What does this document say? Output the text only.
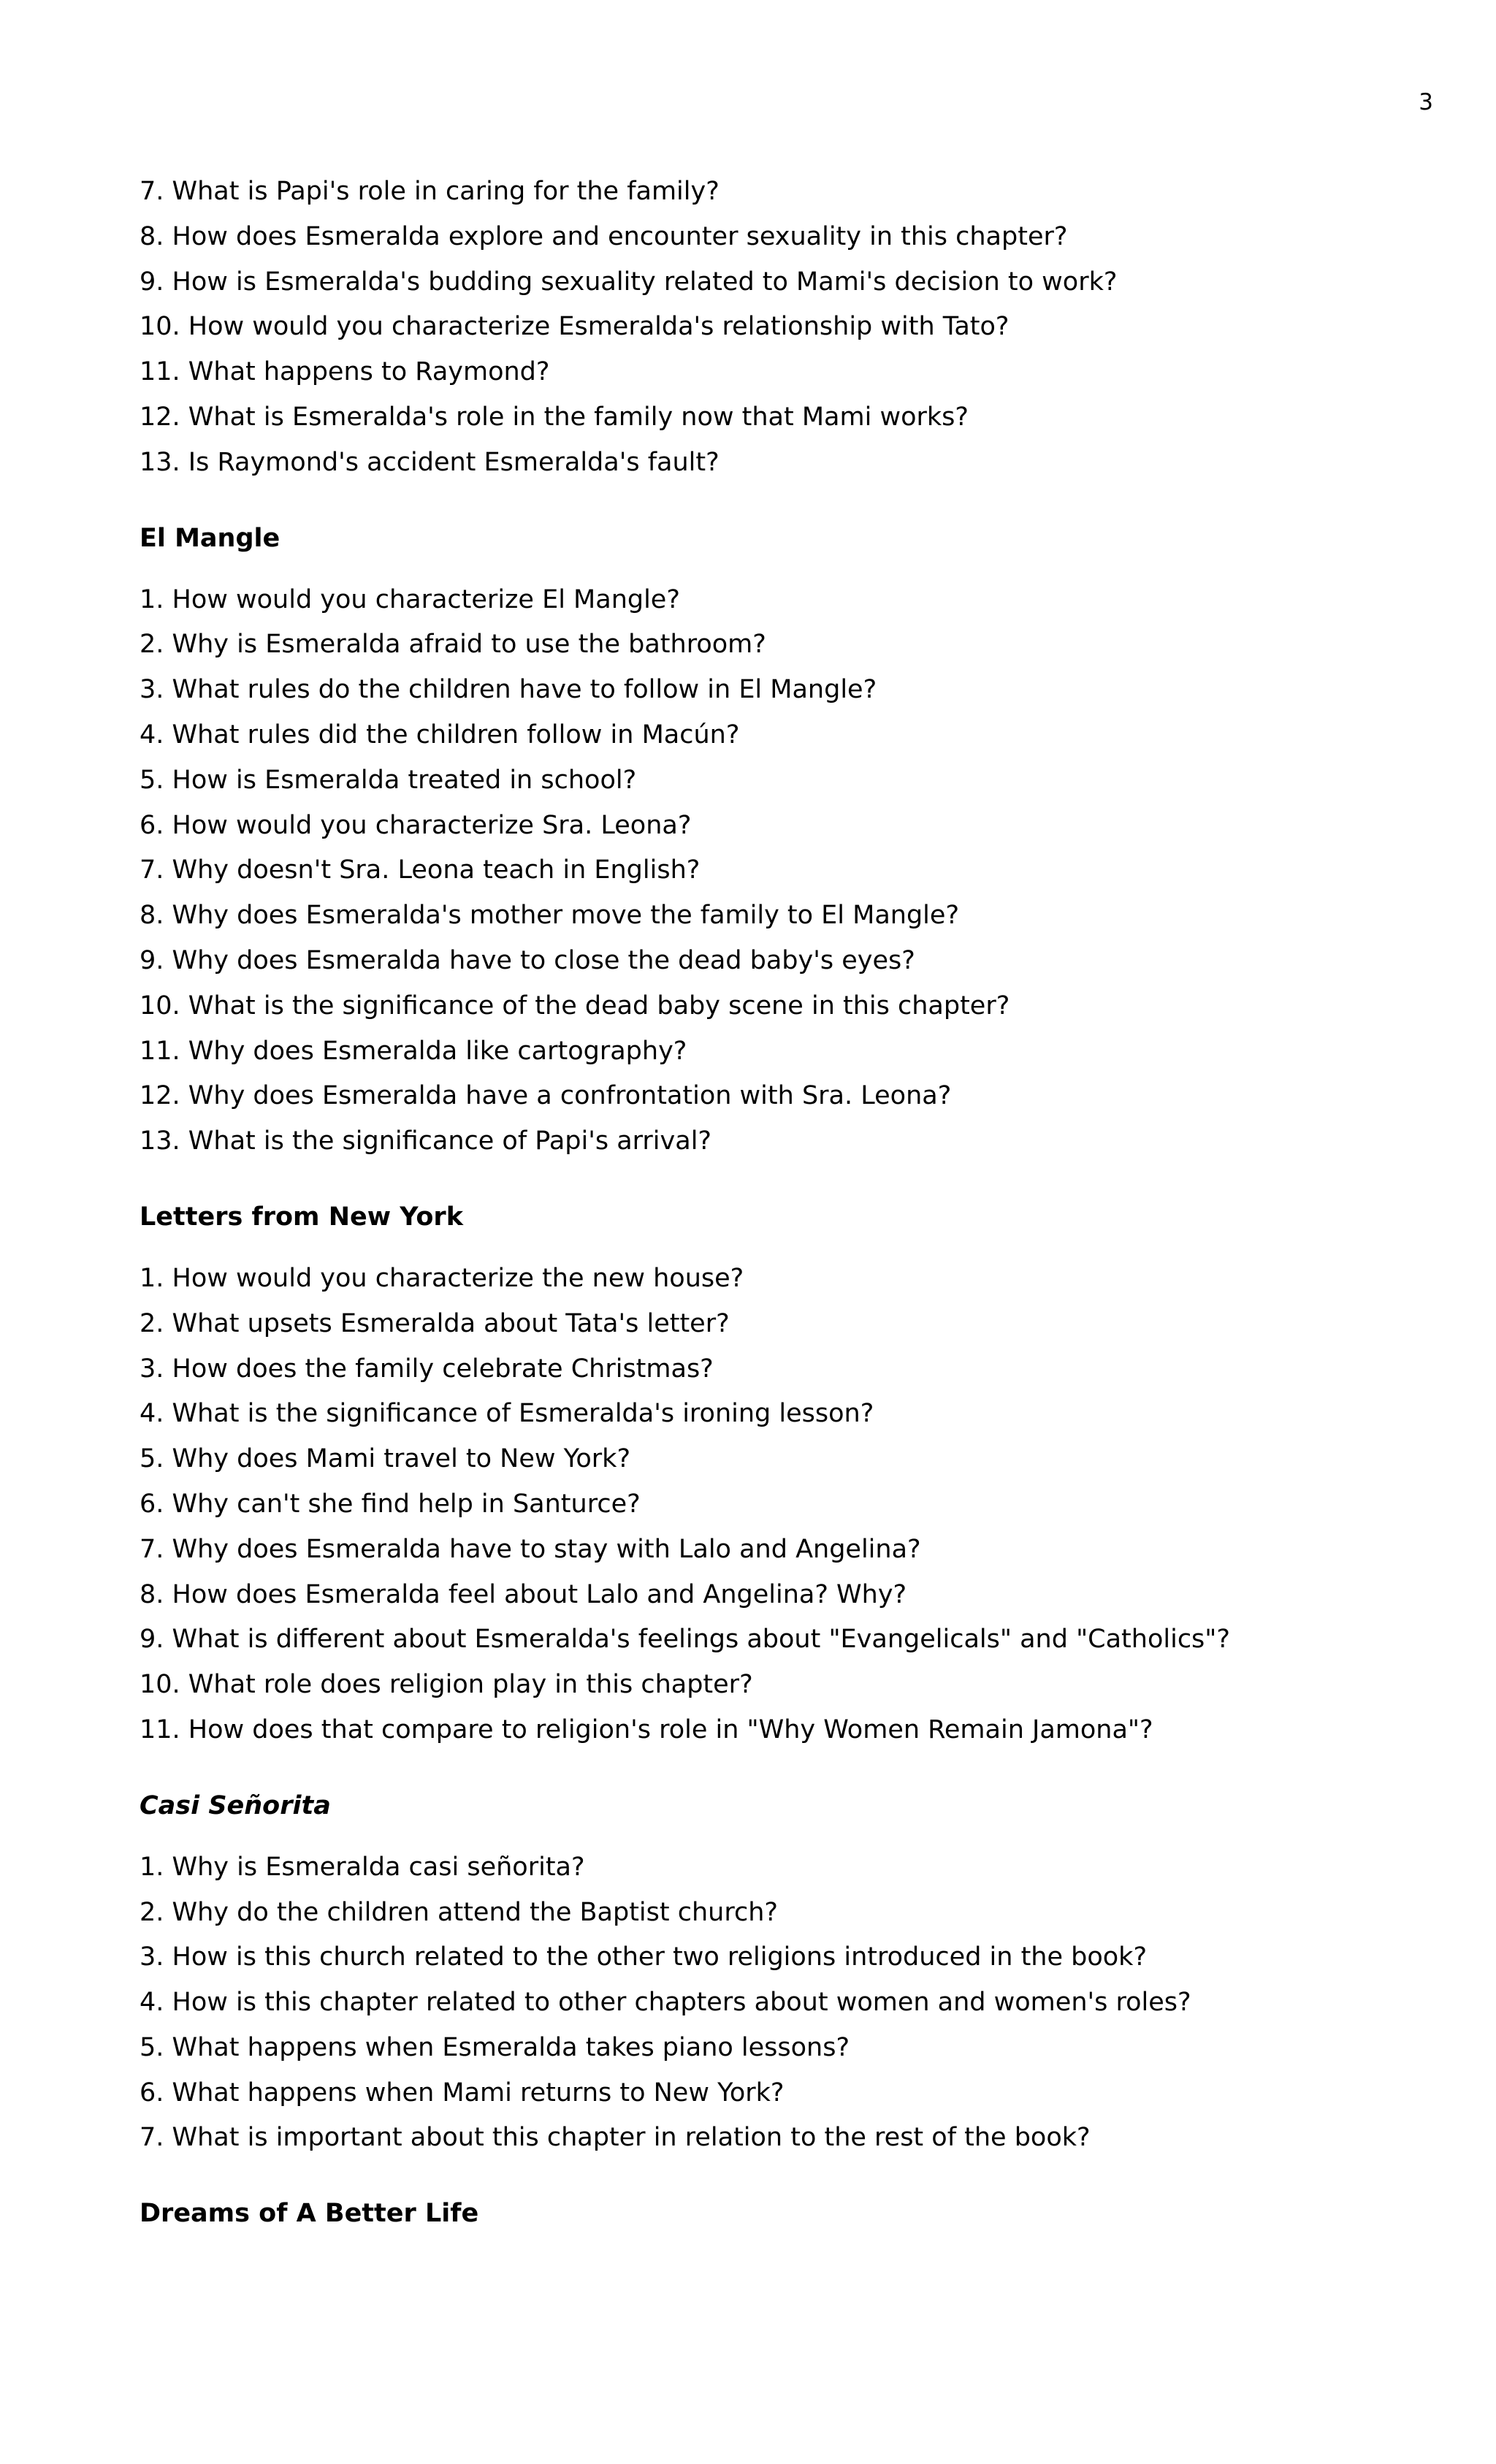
3
7. What is Papi's role in caring for the family?
8. How does Esmeralda explore and encounter sexuality in this chapter?
9. How is Esmeralda's budding sexuality related to Mami's decision to work?
10. How would you characterize Esmeralda's relationship with Tato?
11. What happens to Raymond?
12. What is Esmeralda's role in the family now that Mami works?
13. Is Raymond's accident Esmeralda's fault?
El Mangle
1. How would you characterize El Mangle?
2. Why is Esmeralda afraid to use the bathroom?
3. What rules do the children have to follow in El Mangle?
4. What rules did the children follow in Macún?
5. How is Esmeralda treated in school?
6. How would you characterize Sra. Leona?
7. Why doesn't Sra. Leona teach in English?
8. Why does Esmeralda's mother move the family to El Mangle?
9. Why does Esmeralda have to close the dead baby's eyes?
10. What is the significance of the dead baby scene in this chapter?
11. Why does Esmeralda like cartography?
12. Why does Esmeralda have a confrontation with Sra. Leona?
13. What is the significance of Papi's arrival?
Letters from New York
1. How would you characterize the new house?
2. What upsets Esmeralda about Tata's letter?
3. How does the family celebrate Christmas?
4. What is the significance of Esmeralda's ironing lesson?
5. Why does Mami travel to New York?
6. Why can't she find help in Santurce?
7. Why does Esmeralda have to stay with Lalo and Angelina?
8. How does Esmeralda feel about Lalo and Angelina? Why?
9. What is different about Esmeralda's feelings about "Evangelicals" and "Catholics"?
10. What role does religion play in this chapter?
11. How does that compare to religion's role in "Why Women Remain Jamona"?
Casi Señorita
1. Why is Esmeralda casi señorita?
2. Why do the children attend the Baptist church?
3. How is this church related to the other two religions introduced in the book?
4. How is this chapter related to other chapters about women and women's roles?
5. What happens when Esmeralda takes piano lessons?
6. What happens when Mami returns to New York?
7. What is important about this chapter in relation to the rest of the book?
Dreams of A Better Life
